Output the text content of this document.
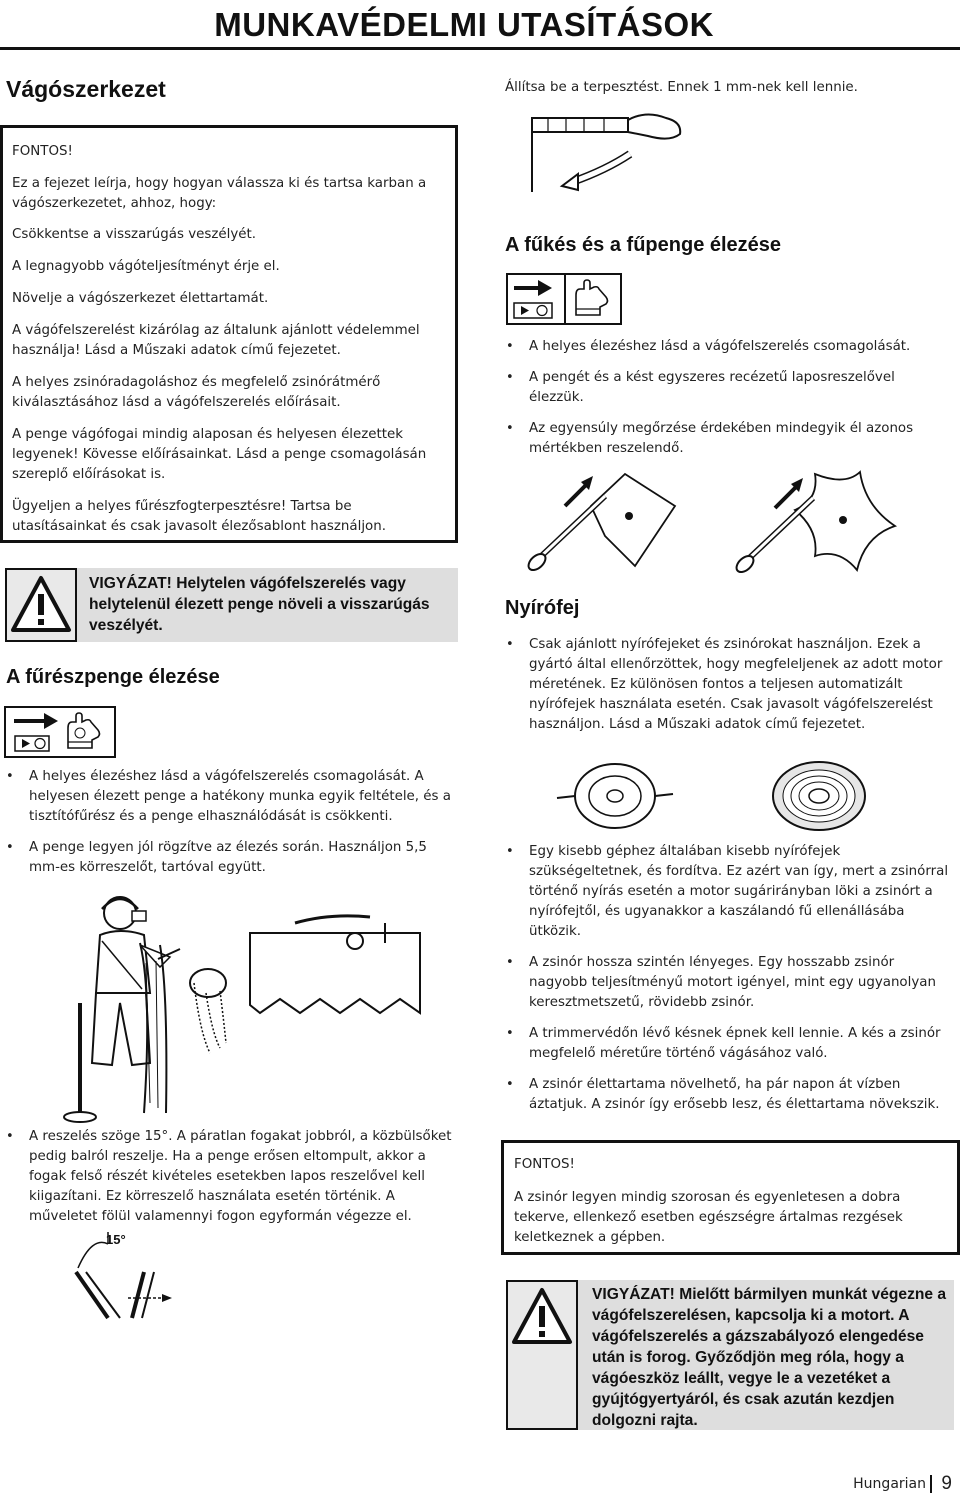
MUNKAVÉDELMI UTASÍTÁSOK
Vágószerkezet
FONTOS!
Ez a fejezet leírja, hogy hogyan válassza ki és tartsa karban a vágószerkezetet, ahhoz, hogy:
Csökkentse a visszarúgás veszélyét.
A legnagyobb vágóteljesítményt érje el.
Növelje a vágószerkezet élettartamát.
A vágófelszerelést kizárólag az általunk ajánlott védelemmel használja! Lásd a Műszaki adatok című fejezetet.
A helyes zsinóradagoláshoz és megfelelő zsinórátmérő kiválasztásához lásd a vágófelszerelés előírásait.
A penge vágófogai mindig alaposan és helyesen élezettek legyenek! Kövesse előírásainkat. Lásd a penge csomagolásán szereplő előírásokat is.
Ügyeljen a helyes fűrészfogterpesztésre! Tartsa be utasításainkat és csak javasolt élezősablont használjon.
VIGYÁZAT! Helytelen vágófelszerelés vagy helytelenül élezett penge növeli a visszarúgás veszélyét.
A fűrészpenge élezése
• A helyes élezéshez lásd a vágófelszerelés csomagolását. A helyesen élezett penge a hatékony munka egyik feltétele, és a tisztítófűrész és a penge elhasználódását is csökkenti.
• A penge legyen jól rögzítve az élezés során. Használjon 5,5 mm-es körreszelőt, tartóval együtt.
• A reszelés szöge 15°. A páratlan fogakat jobbról, a közbülsőket pedig balról reszelje. Ha a penge erősen eltompult, akkor a fogak felső részét kivételes esetekben lapos reszelővel kell kiigazítani. Ez körreszelő használata esetén történik. A műveletet fölül valamennyi fogon egyformán végezze el.
15°
Állítsa be a terpesztést. Ennek 1 mm-nek kell lennie.
A fűkés és a fűpenge élezése
• A helyes élezéshez lásd a vágófelszerelés csomagolását.
• A pengét és a kést egyszeres recézetű laposreszelővel élezzük.
• Az egyensúly megőrzése érdekében mindegyik él azonos mértékben reszelendő.
Nyírófej
• Csak ajánlott nyírófejeket és zsinórokat használjon. Ezek a gyártó által ellenőrzöttek, hogy megfeleljenek az adott motor méretének. Ez különösen fontos a teljesen automatizált nyírófejek használata esetén. Csak javasolt vágófelszerelést használjon. Lásd a Műszaki adatok című fejezetet.
• Egy kisebb géphez általában kisebb nyírófejek szükségeltetnek, és fordítva. Ez azért van így, mert a zsinórral történő nyírás esetén a motor sugárirányban löki a zsinórt a nyírófejtől, és ugyanakkor a kaszálandó fű ellenállásába ütközik.
• A zsinór hossza szintén lényeges. Egy hosszabb zsinór nagyobb teljesítményű motort igényel, mint egy ugyanolyan keresztmetszetű, rövidebb zsinór.
• A trimmervédőn lévő késnek épnek kell lennie. A kés a zsinór megfelelő méretűre történő vágásához való.
• A zsinór élettartama növelhető, ha pár napon át vízben áztatjuk. A zsinór így erősebb lesz, és élettartama növekszik.
FONTOS!
A zsinór legyen mindig szorosan és egyenletesen a dobra tekerve, ellenkező esetben egészségre ártalmas rezgések keletkeznek a gépben.
VIGYÁZAT! Mielőtt bármilyen munkát végezne a vágófelszerelésen, kapcsolja ki a motort. A vágófelszerelés a gázszabályozó elengedése után is forog. Győződjön meg róla, hogy a vágóeszköz leállt, vegye le a vezetéket a gyújtógyertyáról, és csak azután kezdjen dolgozni rajta.
Hungarian 9
